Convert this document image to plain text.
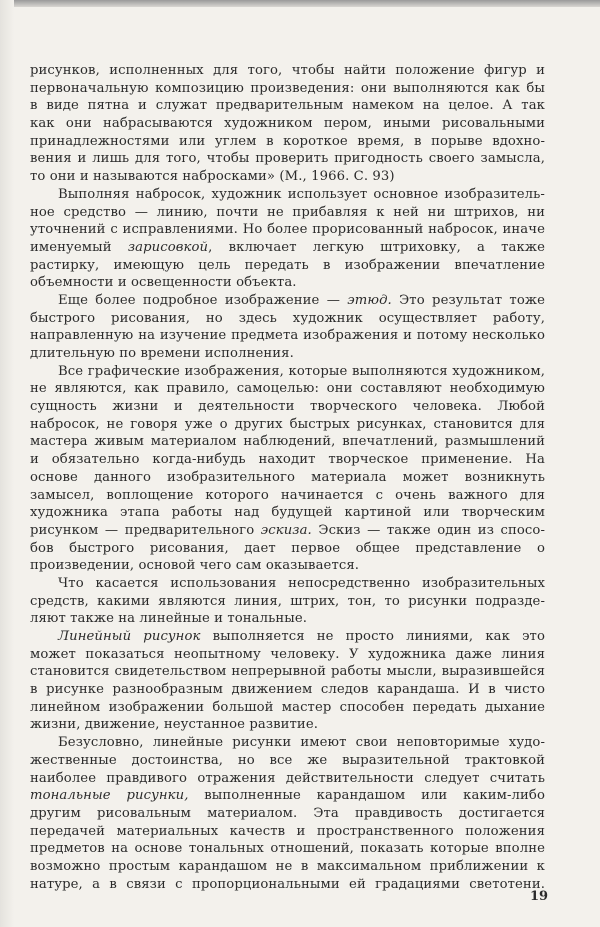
рисунков, исполненных для того, чтобы найти положение фигур и
первоначальную композицию произведения: они выполняются как бы
в виде пятна и служат предварительным намеком на целое. А так
как они набрасываются художником пером, иными рисовальными
принадлежностями или углем в короткое время, в порыве вдохно-
вения и лишь для того, чтобы проверить пригодность своего замысла,
то они и называются набросками» (М., 1966. С. 93)
Выполняя набросок, художник использует основное изобразитель-
ное средство — линию, почти не прибавляя к ней ни штрихов, ни
уточнений с исправлениями. Но более прорисованный набросок, иначе
именуемый зарисовкой, включает легкую штриховку, а также
растирку, имеющую цель передать в изображении впечатление
объемности и освещенности объекта.
Еще более подробное изображение — этюд. Это результат тоже
быстрого рисования, но здесь художник осуществляет работу,
направленную на изучение предмета изображения и потому несколько
длительную по времени исполнения.
Все графические изображения, которые выполняются художником,
не являются, как правило, самоцелью: они составляют необходимую
сущность жизни и деятельности творческого человека. Любой
набросок, не говоря уже о других быстрых рисунках, становится для
мастера живым материалом наблюдений, впечатлений, размышлений
и обязательно когда-нибудь находит творческое применение. На
основе данного изобразительного материала может возникнуть
замысел, воплощение которого начинается с очень важного для
художника этапа работы над будущей картиной или творческим
рисунком — предварительного эскиза. Эскиз — также один из спосо-
бов быстрого рисования, дает первое общее представление о
произведении, основой чего сам оказывается.
Что касается использования непосредственно изобразительных
средств, какими являются линия, штрих, тон, то рисунки подразде-
ляют также на линейные и тональные.
Линейный рисунок выполняется не просто линиями, как это
может показаться неопытному человеку. У художника даже линия
становится свидетельством непрерывной работы мысли, выразившейся
в рисунке разнообразным движением следов карандаша. И в чисто
линейном изображении большой мастер способен передать дыхание
жизни, движение, неустанное развитие.
Безусловно, линейные рисунки имеют свои неповторимые худо-
жественные достоинства, но все же выразительной трактовкой
наиболее правдивого отражения действительности следует считать
тональные рисунки, выполненные карандашом или каким-либо
другим рисовальным материалом. Эта правдивость достигается
передачей материальных качеств и пространственного положения
предметов на основе тональных отношений, показать которые вполне
возможно простым карандашом не в максимальном приближении к
натуре, а в связи с пропорциональными ей градациями светотени.
19
